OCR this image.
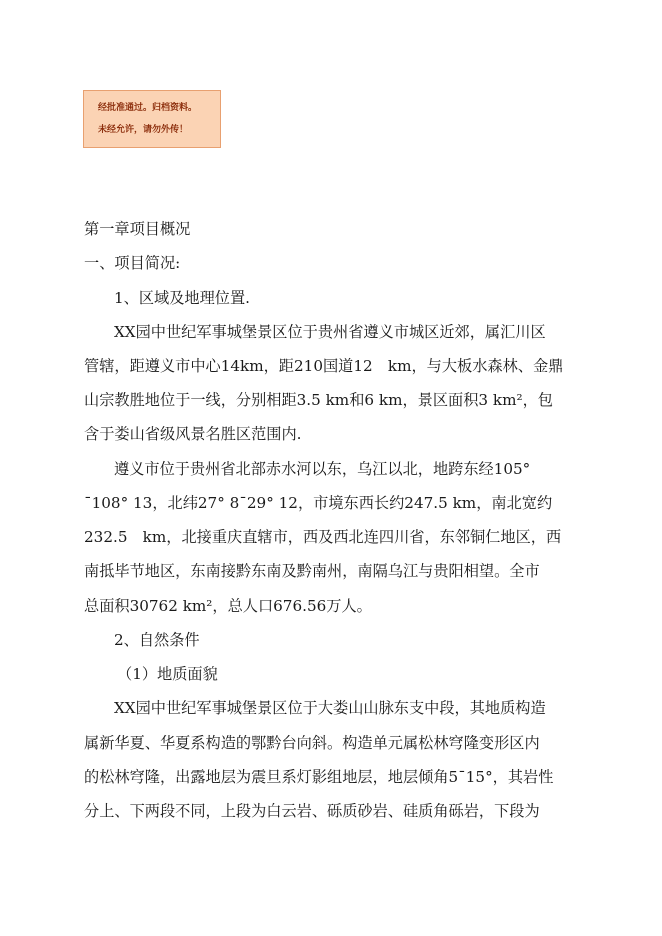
经批准通过。归档资料。
未经允许，请勿外传！
第一章项目概况
一、项目简况:
1、区域及地理位置.
XX园中世纪军事城堡景区位于贵州省遵义市城区近郊，属汇川区
管辖，距遵义市中心14km，距210国道12　km，与大板水森林、金鼎
山宗教胜地位于一线，分别相距3.5 km和6 km，景区面积3 km²，包
含于娄山省级风景名胜区范围内.
遵义市位于贵州省北部赤水河以东，乌江以北，地跨东经105°
¯108° 13，北纬27° 8¯29° 12，市境东西长约247.5 km，南北宽约
232.5　km，北接重庆直辖市，西及西北连四川省，东邻铜仁地区，西
南抵毕节地区，东南接黔东南及黔南州，南隔乌江与贵阳相望。全市
总面积30762 km²，总人口676.56万人。
2、自然条件
（1）地质面貌
XX园中世纪军事城堡景区位于大娄山山脉东支中段，其地质构造
属新华夏、华夏系构造的鄂黔台向斜。构造单元属松林穹隆变形区内
的松林穹隆，出露地层为震旦系灯影组地层，地层倾角5¯15°，其岩性
分上、下两段不同，上段为白云岩、砾质砂岩、硅质角砾岩，下段为
